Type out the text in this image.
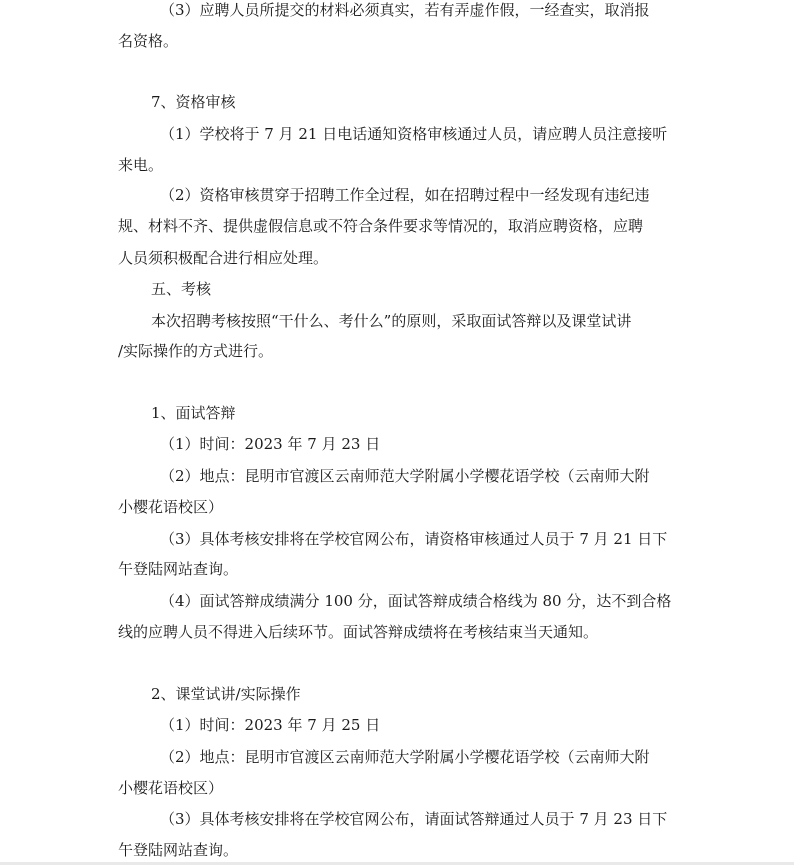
（3）应聘人员所提交的材料必须真实，若有弄虚作假，一经查实，取消报
名资格。
7、资格审核
（1）学校将于 7 月 21 日电话通知资格审核通过人员，请应聘人员注意接听
来电。
（2）资格审核贯穿于招聘工作全过程，如在招聘过程中一经发现有违纪违
规、材料不齐、提供虚假信息或不符合条件要求等情况的，取消应聘资格，应聘
人员须积极配合进行相应处理。
五、考核
本次招聘考核按照“干什么、考什么”的原则，采取面试答辩以及课堂试讲
/实际操作的方式进行。
1、面试答辩
（1）时间：2023 年 7 月 23 日
（2）地点：昆明市官渡区云南师范大学附属小学樱花语学校（云南师大附
小樱花语校区）
（3）具体考核安排将在学校官网公布，请资格审核通过人员于 7 月 21 日下
午登陆网站查询。
（4）面试答辩成绩满分 100 分，面试答辩成绩合格线为 80 分，达不到合格
线的应聘人员不得进入后续环节。面试答辩成绩将在考核结束当天通知。
2、课堂试讲/实际操作
（1）时间：2023 年 7 月 25 日
（2）地点：昆明市官渡区云南师范大学附属小学樱花语学校（云南师大附
小樱花语校区）
（3）具体考核安排将在学校官网公布，请面试答辩通过人员于 7 月 23 日下
午登陆网站查询。
